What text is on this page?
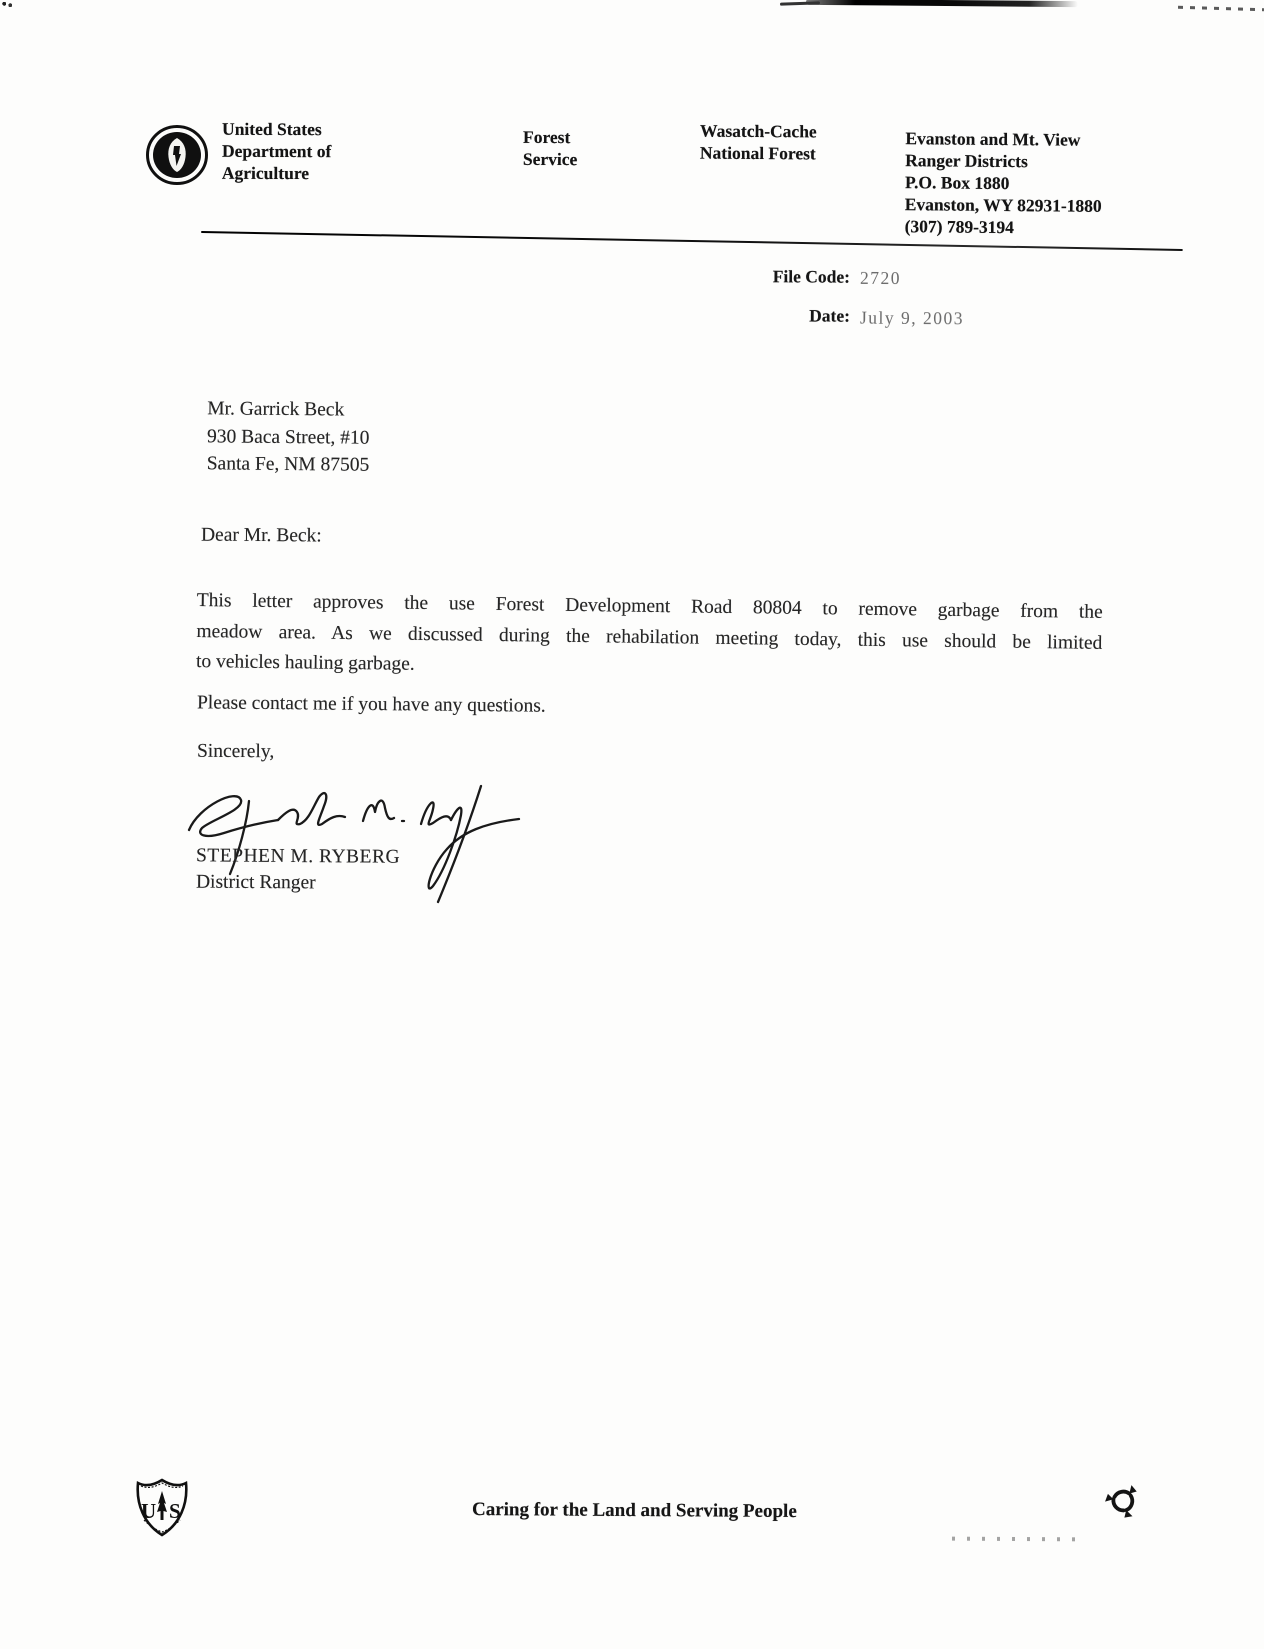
United States
Department of
Agriculture
Forest
Service
Wasatch-Cache
National Forest
Evanston and Mt. View
Ranger Districts
P.O. Box 1880
Evanston, WY 82931-1880
(307) 789-3194
File Code: 2720
Date: July 9, 2003
Mr. Garrick Beck
930 Baca Street, #10
Santa Fe, NM 87505
Dear Mr. Beck:
This letter approves the use Forest Development Road 80804 to remove garbage from the
meadow area. As we discussed during the rehabilation meeting today, this use should be limited
to vehicles hauling garbage.
Please contact me if you have any questions.
Sincerely,
STEPHEN M. RYBERG
District Ranger
U S	Caring for the Land and Serving People
